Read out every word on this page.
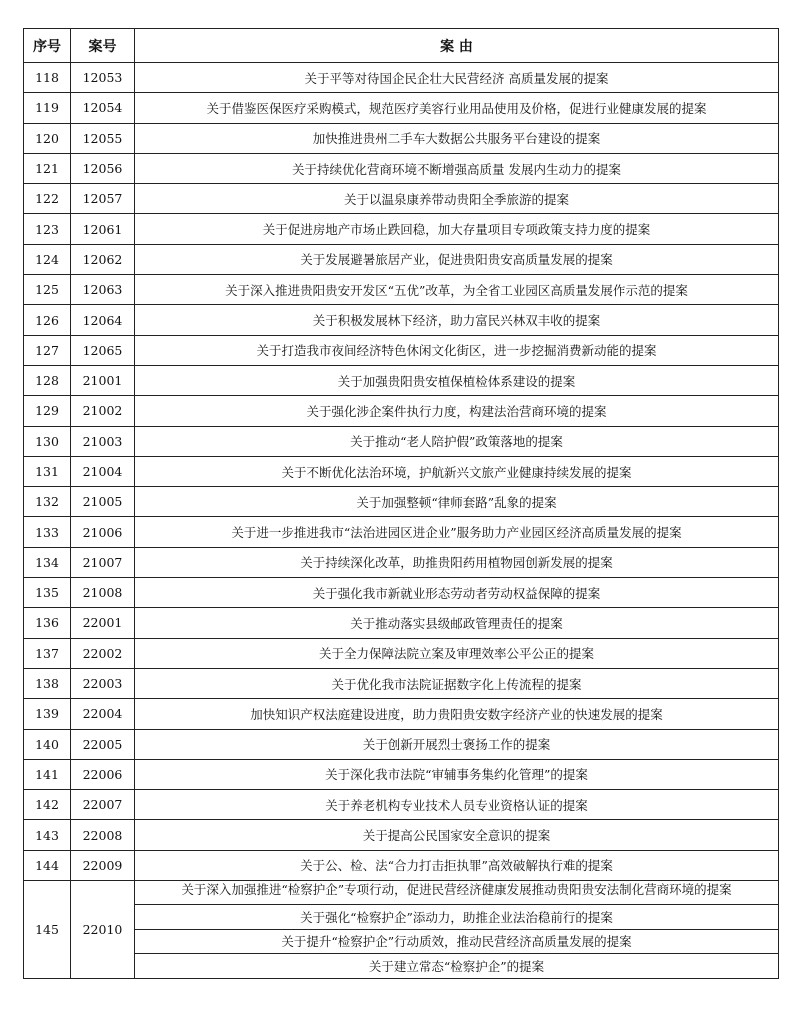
序号	案号	案 由
118	12053	关于平等对待国企民企壮大民营经济 高质量发展的提案
119	12054	关于借鉴医保医疗采购模式，规范医疗美容行业用品使用及价格，促进行业健康发展的提案
120	12055	加快推进贵州二手车大数据公共服务平台建设的提案
121	12056	关于持续优化营商环境不断增强高质量 发展内生动力的提案
122	12057	关于以温泉康养带动贵阳全季旅游的提案
123	12061	关于促进房地产市场止跌回稳，加大存量项目专项政策支持力度的提案
124	12062	关于发展避暑旅居产业，促进贵阳贵安高质量发展的提案
125	12063	关于深入推进贵阳贵安开发区“五优”改革，为全省工业园区高质量发展作示范的提案
126	12064	关于积极发展林下经济，助力富民兴林双丰收的提案
127	12065	关于打造我市夜间经济特色休闲文化街区，进一步挖掘消费新动能的提案
128	21001	关于加强贵阳贵安植保植检体系建设的提案
129	21002	关于强化涉企案件执行力度，构建法治营商环境的提案
130	21003	关于推动“老人陪护假”政策落地的提案
131	21004	关于不断优化法治环境，护航新兴文旅产业健康持续发展的提案
132	21005	关于加强整顿“律师套路”乱象的提案
133	21006	关于进一步推进我市“法治进园区进企业”服务助力产业园区经济高质量发展的提案
134	21007	关于持续深化改革，助推贵阳药用植物园创新发展的提案
135	21008	关于强化我市新就业形态劳动者劳动权益保障的提案
136	22001	关于推动落实县级邮政管理责任的提案
137	22002	关于全力保障法院立案及审理效率公平公正的提案
138	22003	关于优化我市法院证据数字化上传流程的提案
139	22004	加快知识产权法庭建设进度，助力贵阳贵安数字经济产业的快速发展的提案
140	22005	关于创新开展烈士褒扬工作的提案
141	22006	关于深化我市法院“审辅事务集约化管理”的提案
142	22007	关于养老机构专业技术人员专业资格认证的提案
143	22008	关于提高公民国家安全意识的提案
144	22009	关于公、检、法“合力打击拒执罪”高效破解执行难的提案
145	22010	关于深入加强推进“检察护企”专项行动，促进民营经济健康发展推动贵阳贵安法制化营商环境的提案

		关于强化“检察护企”添动力，助推企业法治稳前行的提案
		关于提升“检察护企”行动质效，推动民营经济高质量发展的提案
		关于建立常态“检察护企”的提案
